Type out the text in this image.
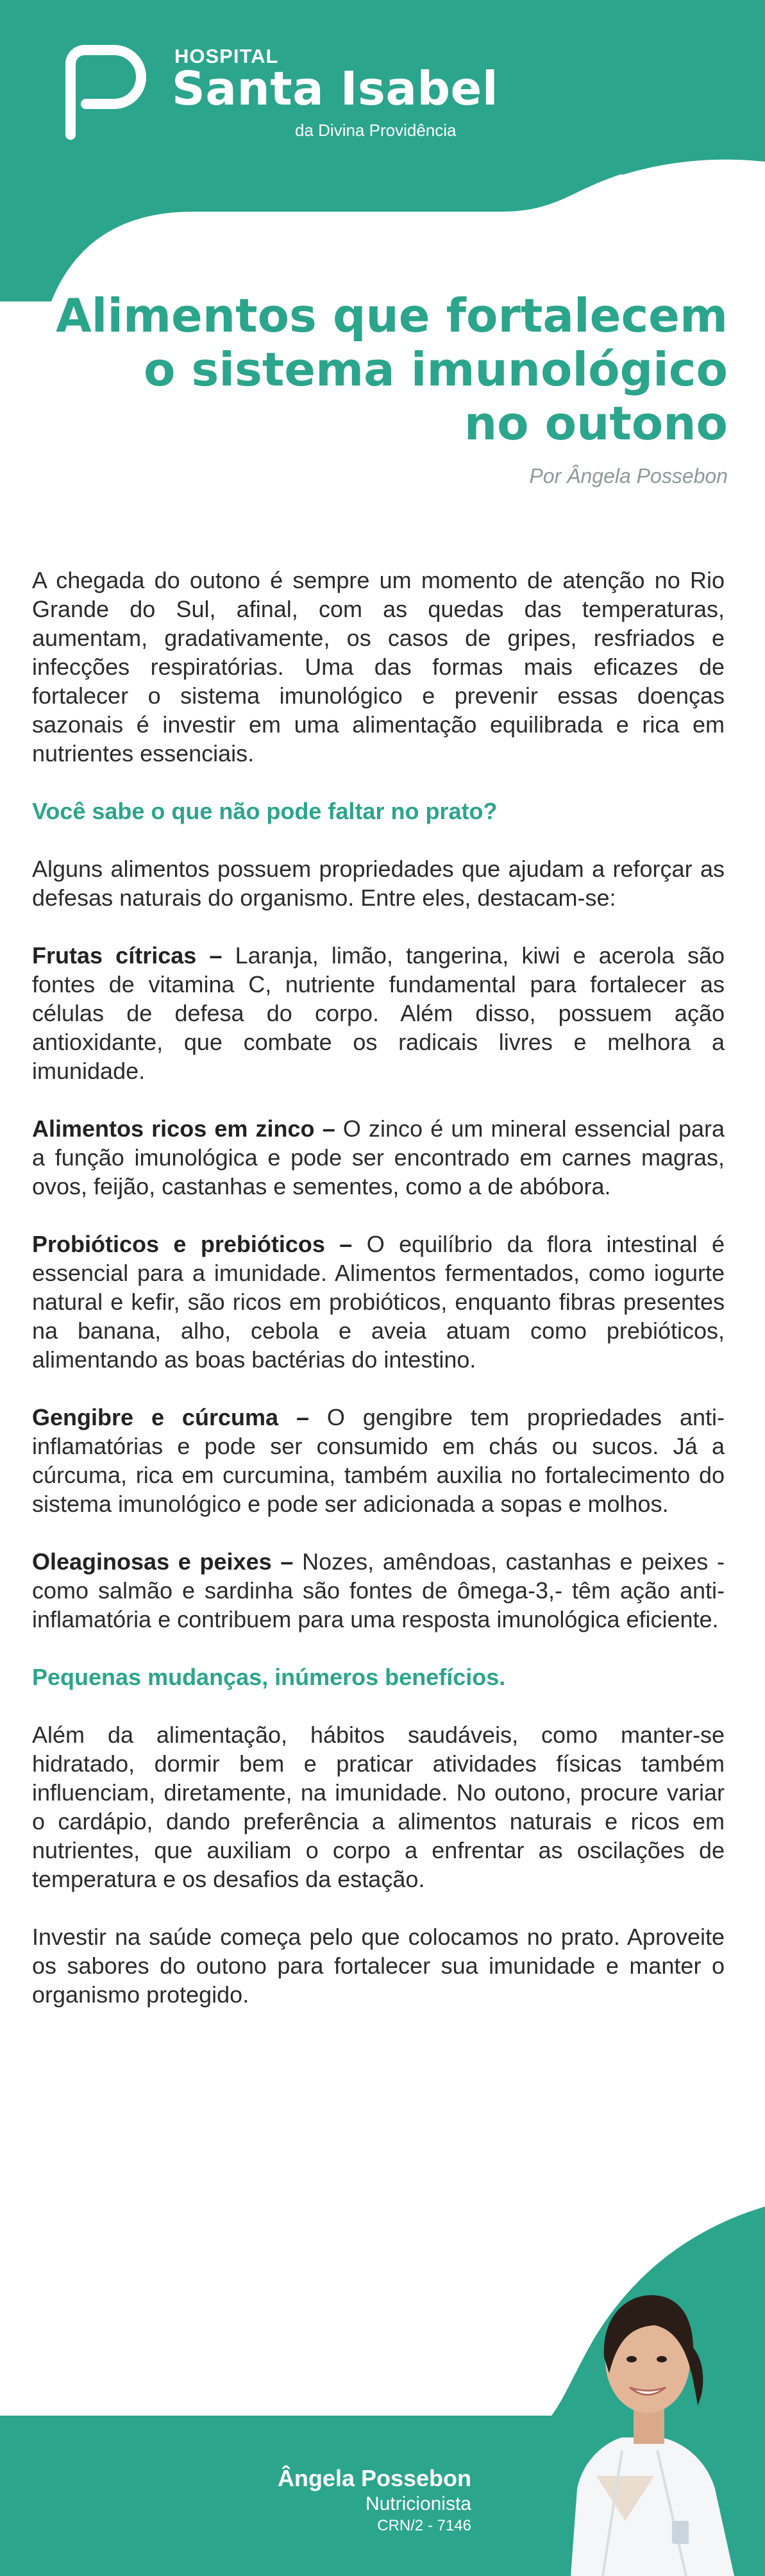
HOSPITAL
Santa Isabel
da Divina Providência
Alimentos que fortalecem
o sistema imunológico
no outono
Por Ângela Possebon

A chegada do outono é sempre um momento de atenção no Rio Grande do Sul, afinal, com as quedas das temperaturas, aumentam, gradativamente, os casos de gripes, resfriados e infecções respiratórias. Uma das formas mais eficazes de fortalecer o sistema imunológico e prevenir essas doenças sazonais é investir em uma alimentação equilibrada e rica em nutrientes essenciais.

Você sabe o que não pode faltar no prato?

Alguns alimentos possuem propriedades que ajudam a reforçar as defesas naturais do organismo. Entre eles, destacam-se:

Frutas cítricas – Laranja, limão, tangerina, kiwi e acerola são fontes de vitamina C, nutriente fundamental para fortalecer as células de defesa do corpo. Além disso, possuem ação antioxidante, que combate os radicais livres e melhora a imunidade.

Alimentos ricos em zinco – O zinco é um mineral essencial para a função imunológica e pode ser encontrado em carnes magras, ovos, feijão, castanhas e sementes, como a de abóbora.

Probióticos e prebióticos – O equilíbrio da flora intestinal é essencial para a imunidade. Alimentos fermentados, como iogurte natural e kefir, são ricos em probióticos, enquanto fibras presentes na banana, alho, cebola e aveia atuam como prebióticos, alimentando as boas bactérias do intestino.

Gengibre e cúrcuma – O gengibre tem propriedades anti-inflamatórias e pode ser consumido em chás ou sucos. Já a cúrcuma, rica em curcumina, também auxilia no fortalecimento do sistema imunológico e pode ser adicionada a sopas e molhos.

Oleaginosas e peixes – Nozes, amêndoas, castanhas e peixes - como salmão e sardinha são fontes de ômega-3,- têm ação anti-inflamatória e contribuem para uma resposta imunológica eficiente.

Pequenas mudanças, inúmeros benefícios.

Além da alimentação, hábitos saudáveis, como manter-se hidratado, dormir bem e praticar atividades físicas também influenciam, diretamente, na imunidade. No outono, procure variar o cardápio, dando preferência a alimentos naturais e ricos em nutrientes, que auxiliam o corpo a enfrentar as oscilações de temperatura e os desafios da estação.

Investir na saúde começa pelo que colocamos no prato. Aproveite os sabores do outono para fortalecer sua imunidade e manter o organismo protegido.

Ângela Possebon
Nutricionista
CRN/2 - 7146
